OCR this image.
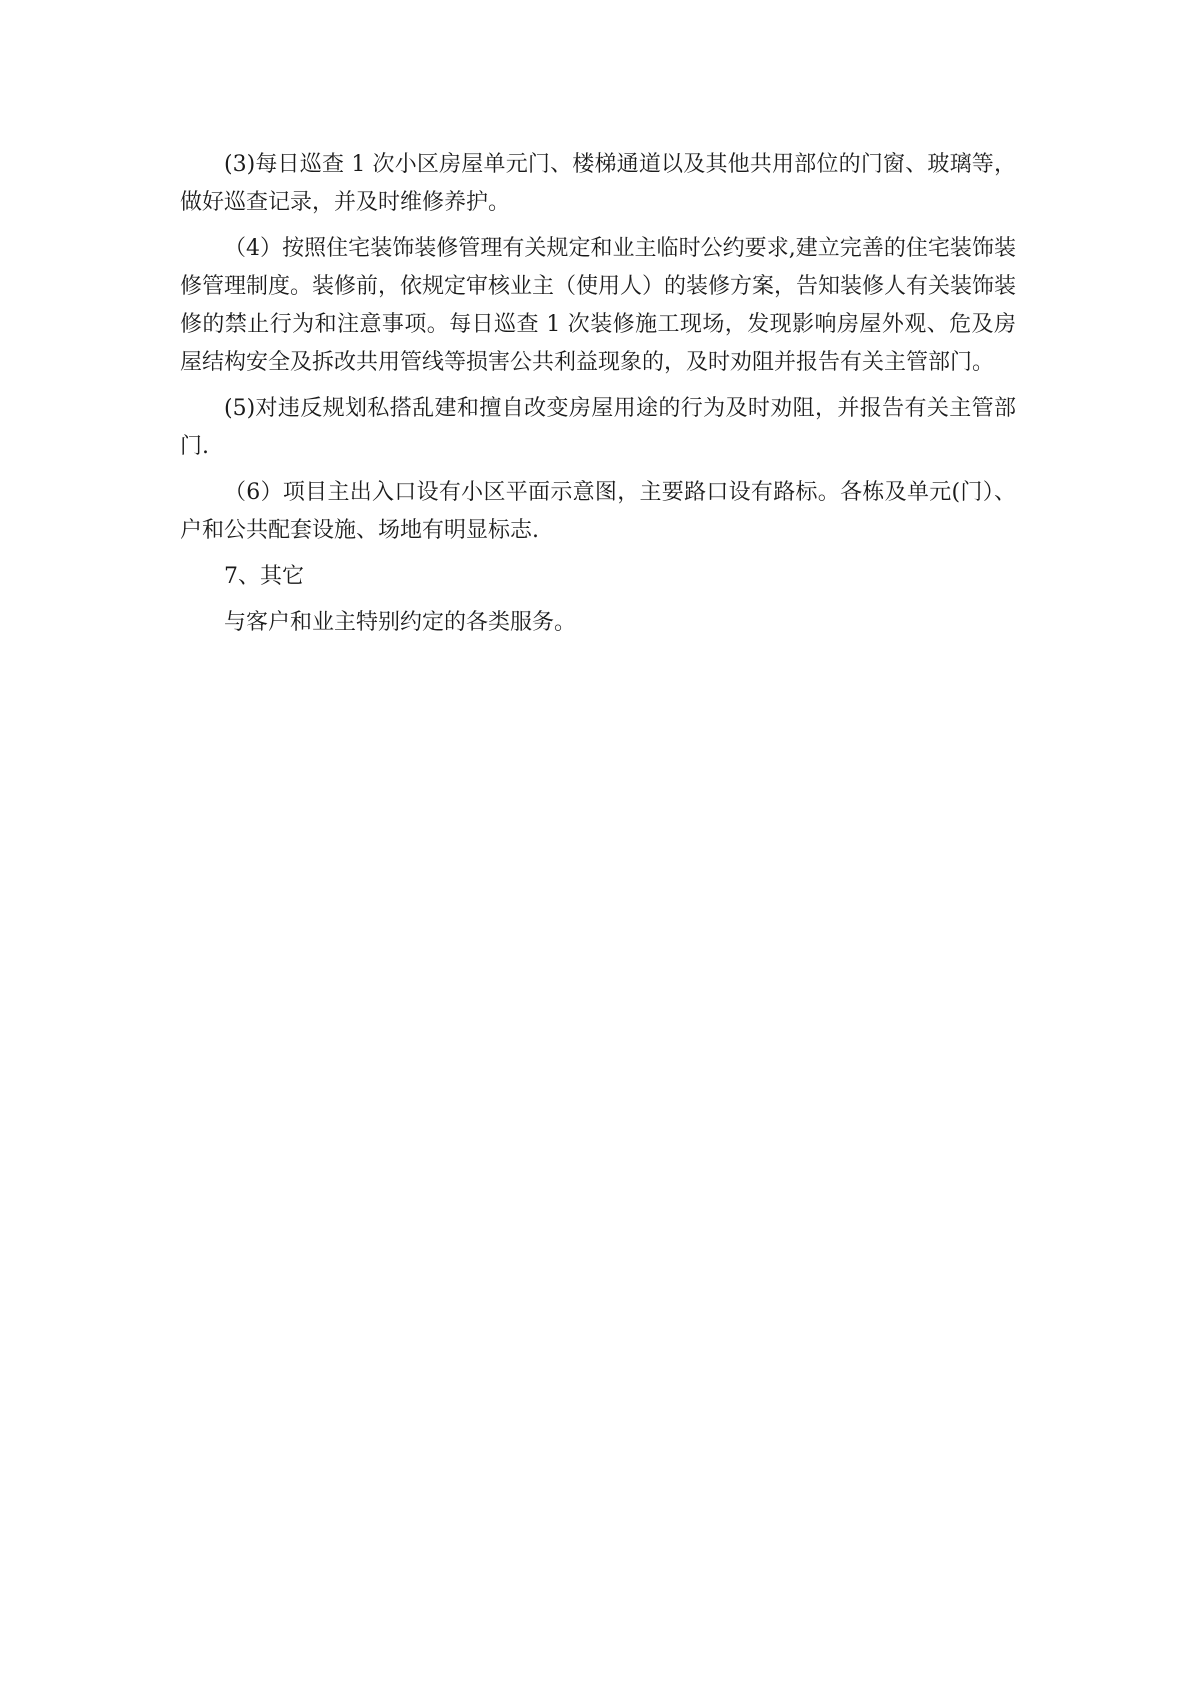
(3)每日巡查 1 次小区房屋单元门、楼梯通道以及其他共用部位的门窗、玻璃等，做好巡查记录，并及时维修养护。

（4）按照住宅装饰装修管理有关规定和业主临时公约要求,建立完善的住宅装饰装修管理制度。装修前，依规定审核业主（使用人）的装修方案，告知装修人有关装饰装修的禁止行为和注意事项。每日巡查 1 次装修施工现场，发现影响房屋外观、危及房屋结构安全及拆改共用管线等损害公共利益现象的，及时劝阻并报告有关主管部门。

(5)对违反规划私搭乱建和擅自改变房屋用途的行为及时劝阻，并报告有关主管部门.

（6）项目主出入口设有小区平面示意图，主要路口设有路标。各栋及单元(门）、户和公共配套设施、场地有明显标志.

7、其它

与客户和业主特别约定的各类服务。
